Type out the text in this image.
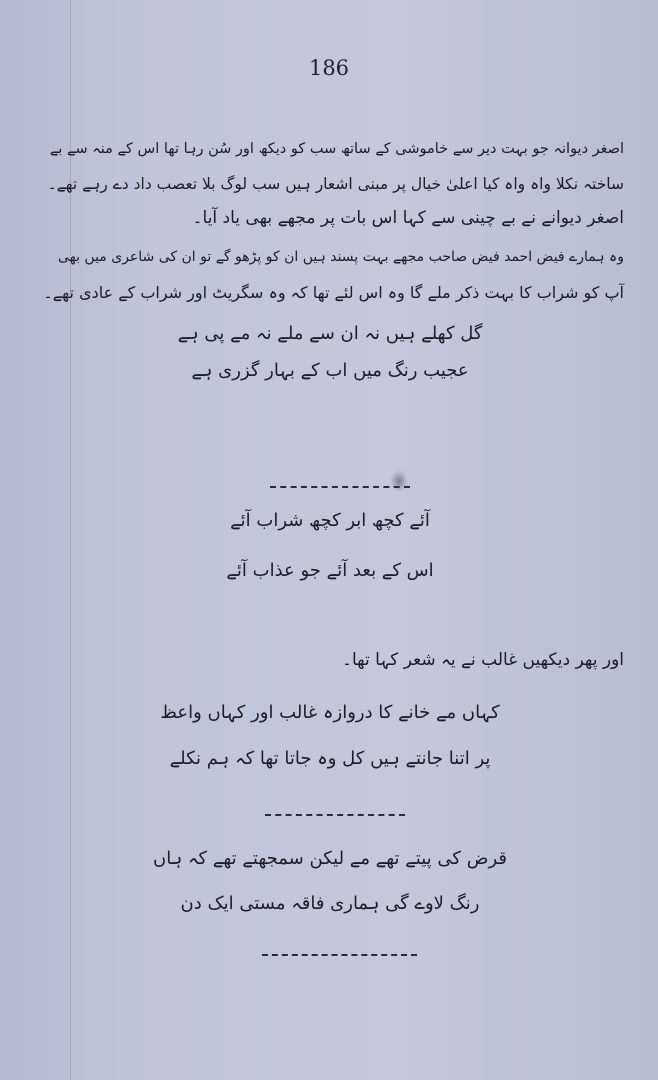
186
اصغر دیوانہ جو بہت دیر سے خاموشی کے ساتھ سب کو دیکھ اور سُن رہا تھا اس کے منہ سے بے
ساختہ نکلا واہ واہ کیا اعلیٰ خیال پر مبنی اشعار ہیں سب لوگ بلا تعصب داد دے رہے تھے۔
اصغر دیوانے نے بے چینی سے کہا اس بات پر مجھے بھی یاد آیا۔
وہ ہمارے فیض احمد فیض صاحب مجھے بہت پسند ہیں ان کو پڑھو گے تو ان کی شاعری میں بھی
آپ کو شراب کا بہت ذکر ملے گا وہ اس لئے تھا کہ وہ سگریٹ اور شراب کے عادی تھے۔
گل کھلے ہیں نہ ان سے ملے نہ مے پی ہے
عجیب رنگ میں اب کے بہار گزری ہے
آئے کچھ ابر کچھ شراب آئے
اس کے بعد آئے جو عذاب آئے
اور پھر دیکھیں غالب نے یہ شعر کہا تھا۔
کہاں مے خانے کا دروازہ غالب اور کہاں واعظ
پر اتنا جانتے ہیں کل وہ جاتا تھا کہ ہم نکلے
قرض کی پیتے تھے مے لیکن سمجھتے تھے کہ ہاں
رنگ لاوے گی ہماری فاقہ مستی ایک دن
